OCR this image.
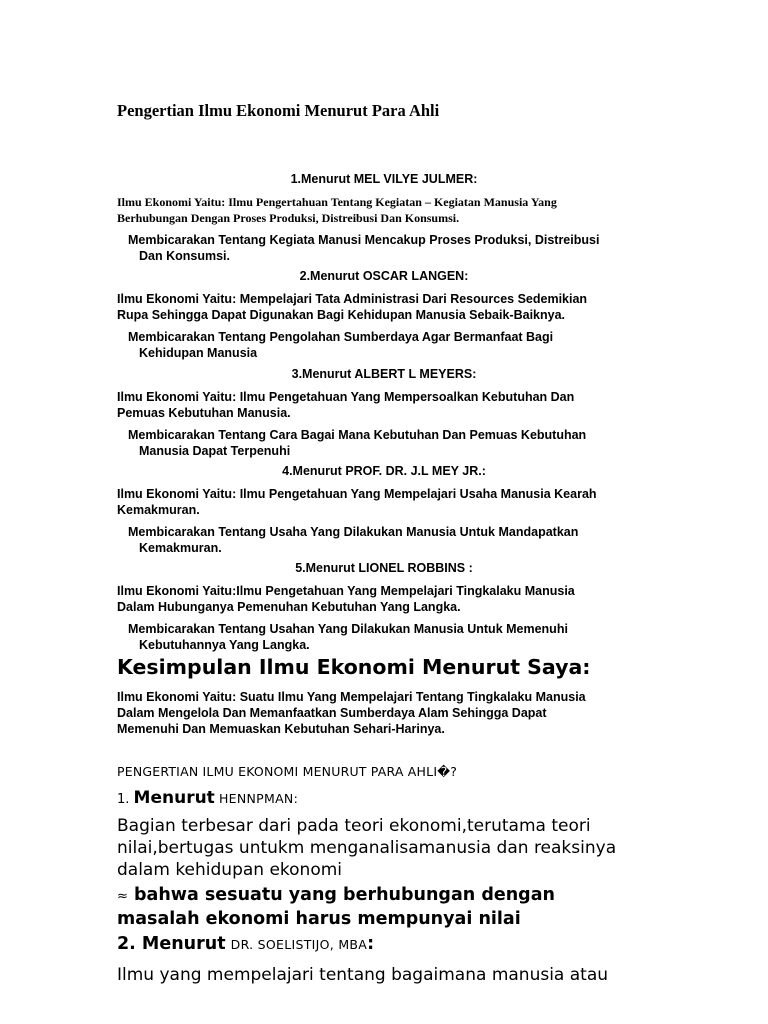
Pengertian Ilmu Ekonomi Menurut Para Ahli

1.Menurut MEL VILYE JULMER:

Ilmu Ekonomi Yaitu: Ilmu Pengertahuan Tentang Kegiatan – Kegiatan Manusia Yang
Berhubungan Dengan Proses Produksi, Distreibusi Dan Konsumsi.

Membicarakan Tentang Kegiata Manusi Mencakup Proses Produksi, Distreibusi
Dan Konsumsi.

2.Menurut OSCAR LANGEN:

Ilmu Ekonomi Yaitu: Mempelajari Tata Administrasi Dari Resources Sedemikian
Rupa Sehingga Dapat Digunakan Bagi Kehidupan Manusia Sebaik-Baiknya.

Membicarakan Tentang Pengolahan Sumberdaya Agar Bermanfaat Bagi
Kehidupan Manusia

3.Menurut ALBERT L MEYERS:

Ilmu Ekonomi Yaitu: Ilmu Pengetahuan Yang Mempersoalkan Kebutuhan Dan
Pemuas Kebutuhan Manusia.

Membicarakan Tentang Cara Bagai Mana Kebutuhan Dan Pemuas Kebutuhan
Manusia Dapat Terpenuhi

4.Menurut PROF. DR. J.L MEY JR.:

Ilmu Ekonomi Yaitu: Ilmu Pengetahuan Yang Mempelajari Usaha Manusia Kearah
Kemakmuran.

Membicarakan Tentang Usaha Yang Dilakukan Manusia Untuk Mandapatkan
Kemakmuran.

5.Menurut LIONEL ROBBINS :

Ilmu Ekonomi Yaitu:Ilmu Pengetahuan Yang Mempelajari Tingkalaku Manusia
Dalam Hubunganya Pemenuhan Kebutuhan Yang Langka.

Membicarakan Tentang Usahan Yang Dilakukan Manusia Untuk Memenuhi
Kebutuhannya Yang Langka.

Kesimpulan Ilmu Ekonomi Menurut Saya:

Ilmu Ekonomi Yaitu: Suatu Ilmu Yang Mempelajari Tentang Tingkalaku Manusia
Dalam Mengelola Dan Memanfaatkan Sumberdaya Alam Sehingga Dapat
Memenuhi Dan Memuaskan Kebutuhan Sehari-Harinya.

PENGERTIAN ILMU EKONOMI MENURUT PARA AHLI�?

1. Menurut HENNPMAN:

Bagian terbesar dari pada teori ekonomi,terutama teori
nilai,bertugas untukm menganalisamanusia dan reaksinya
dalam kehidupan ekonomi

≈ bahwa sesuatu yang berhubungan dengan
masalah ekonomi harus mempunyai nilai

2. Menurut DR. SOELISTIJO, MBA:

Ilmu yang mempelajari tentang bagaimana manusia atau
